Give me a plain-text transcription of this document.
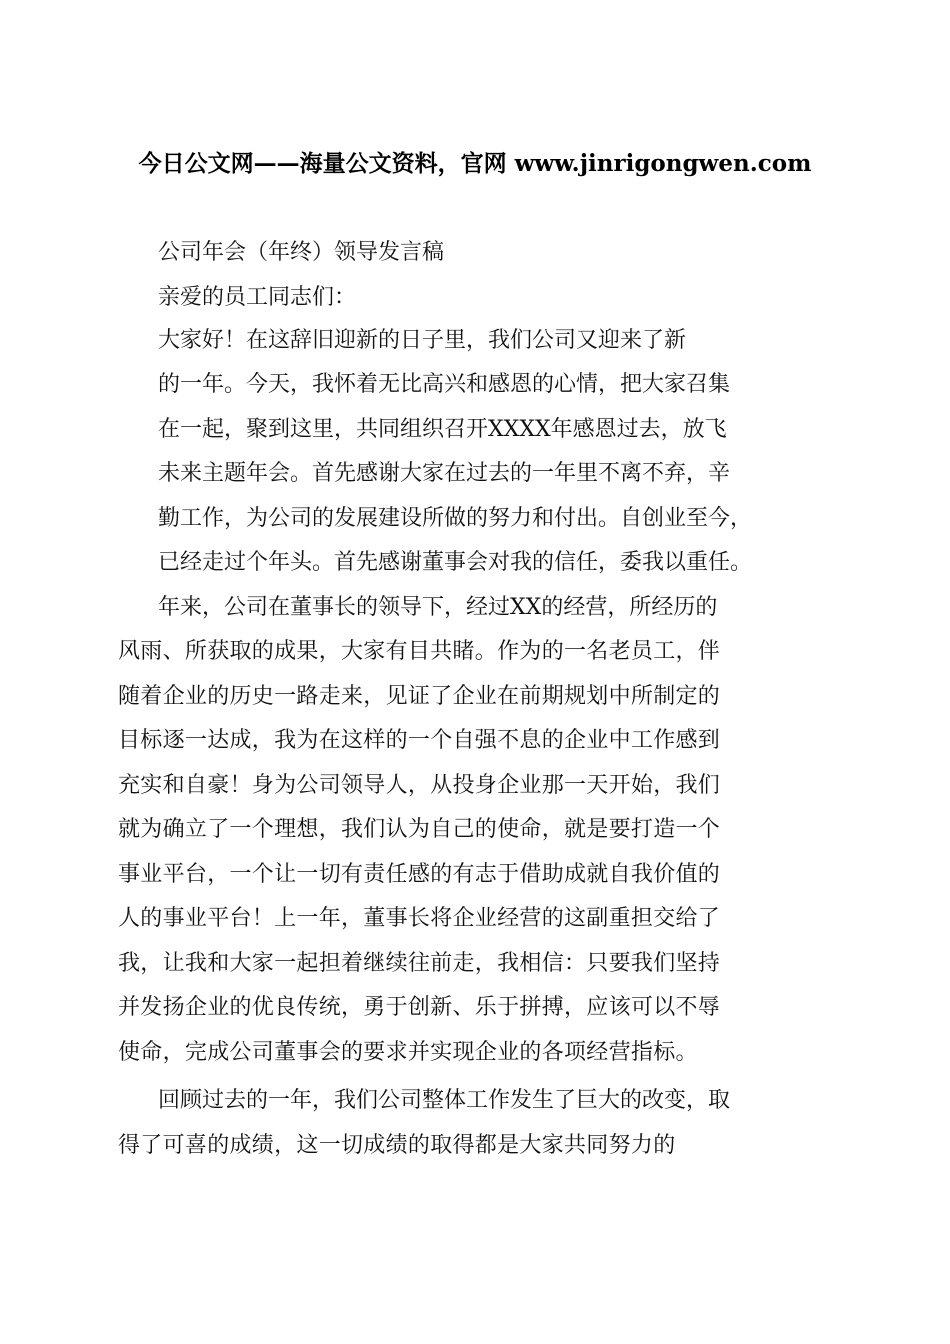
今日公文网——海量公文资料，官网 www.jinrigongwen.com
公司年会（年终）领导发言稿
亲爱的员工同志们：
大家好！在这辞旧迎新的日子里，我们公司又迎来了新
的一年。今天，我怀着无比高兴和感恩的心情，把大家召集
在一起，聚到这里，共同组织召开XXXX年感恩过去，放飞
未来主题年会。首先感谢大家在过去的一年里不离不弃，辛
勤工作，为公司的发展建设所做的努力和付出。自创业至今，
已经走过个年头。首先感谢董事会对我的信任，委我以重任。
年来，公司在董事长的领导下，经过XX的经营，所经历的
风雨、所获取的成果，大家有目共睹。作为的一名老员工，伴
随着企业的历史一路走来，见证了企业在前期规划中所制定的
目标逐一达成，我为在这样的一个自强不息的企业中工作感到
充实和自豪！身为公司领导人，从投身企业那一天开始，我们
就为确立了一个理想，我们认为自己的使命，就是要打造一个
事业平台，一个让一切有责任感的有志于借助成就自我价值的
人的事业平台！上一年，董事长将企业经营的这副重担交给了
我，让我和大家一起担着继续往前走，我相信：只要我们坚持
并发扬企业的优良传统，勇于创新、乐于拼搏，应该可以不辱
使命，完成公司董事会的要求并实现企业的各项经营指标。
回顾过去的一年，我们公司整体工作发生了巨大的改变，取
得了可喜的成绩，这一切成绩的取得都是大家共同努力的
